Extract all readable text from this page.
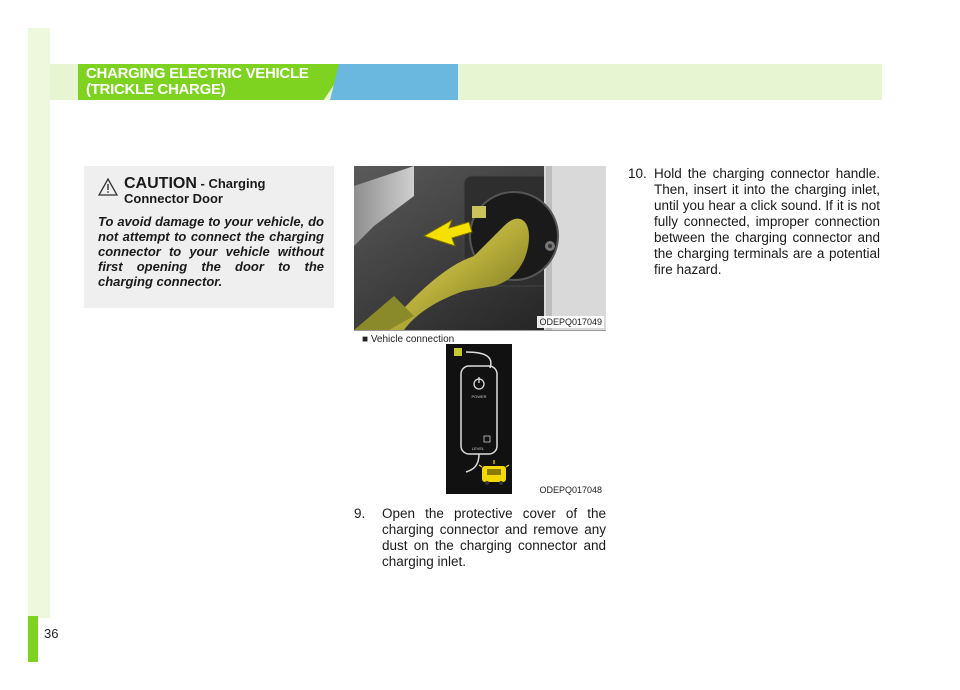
36
CHARGING ELECTRIC VEHICLE
(TRICKLE CHARGE)
CAUTION - Charging
Connector Door
To avoid damage to your vehicle, do not attempt to connect the charging connector to your vehicle without first opening the door to the charging connector.
ODEPQ017049
■ Vehicle connection
POWER
LEVEL
ODEPQ017048
9.	Open the protective cover of the charging connector and remove any dust on the charging connector and charging inlet.
10. Hold the charging connector handle. Then, insert it into the charging inlet, until you hear a click sound. If it is not fully connected, improper connection between the charging connector and the charging terminals are a potential fire hazard.
